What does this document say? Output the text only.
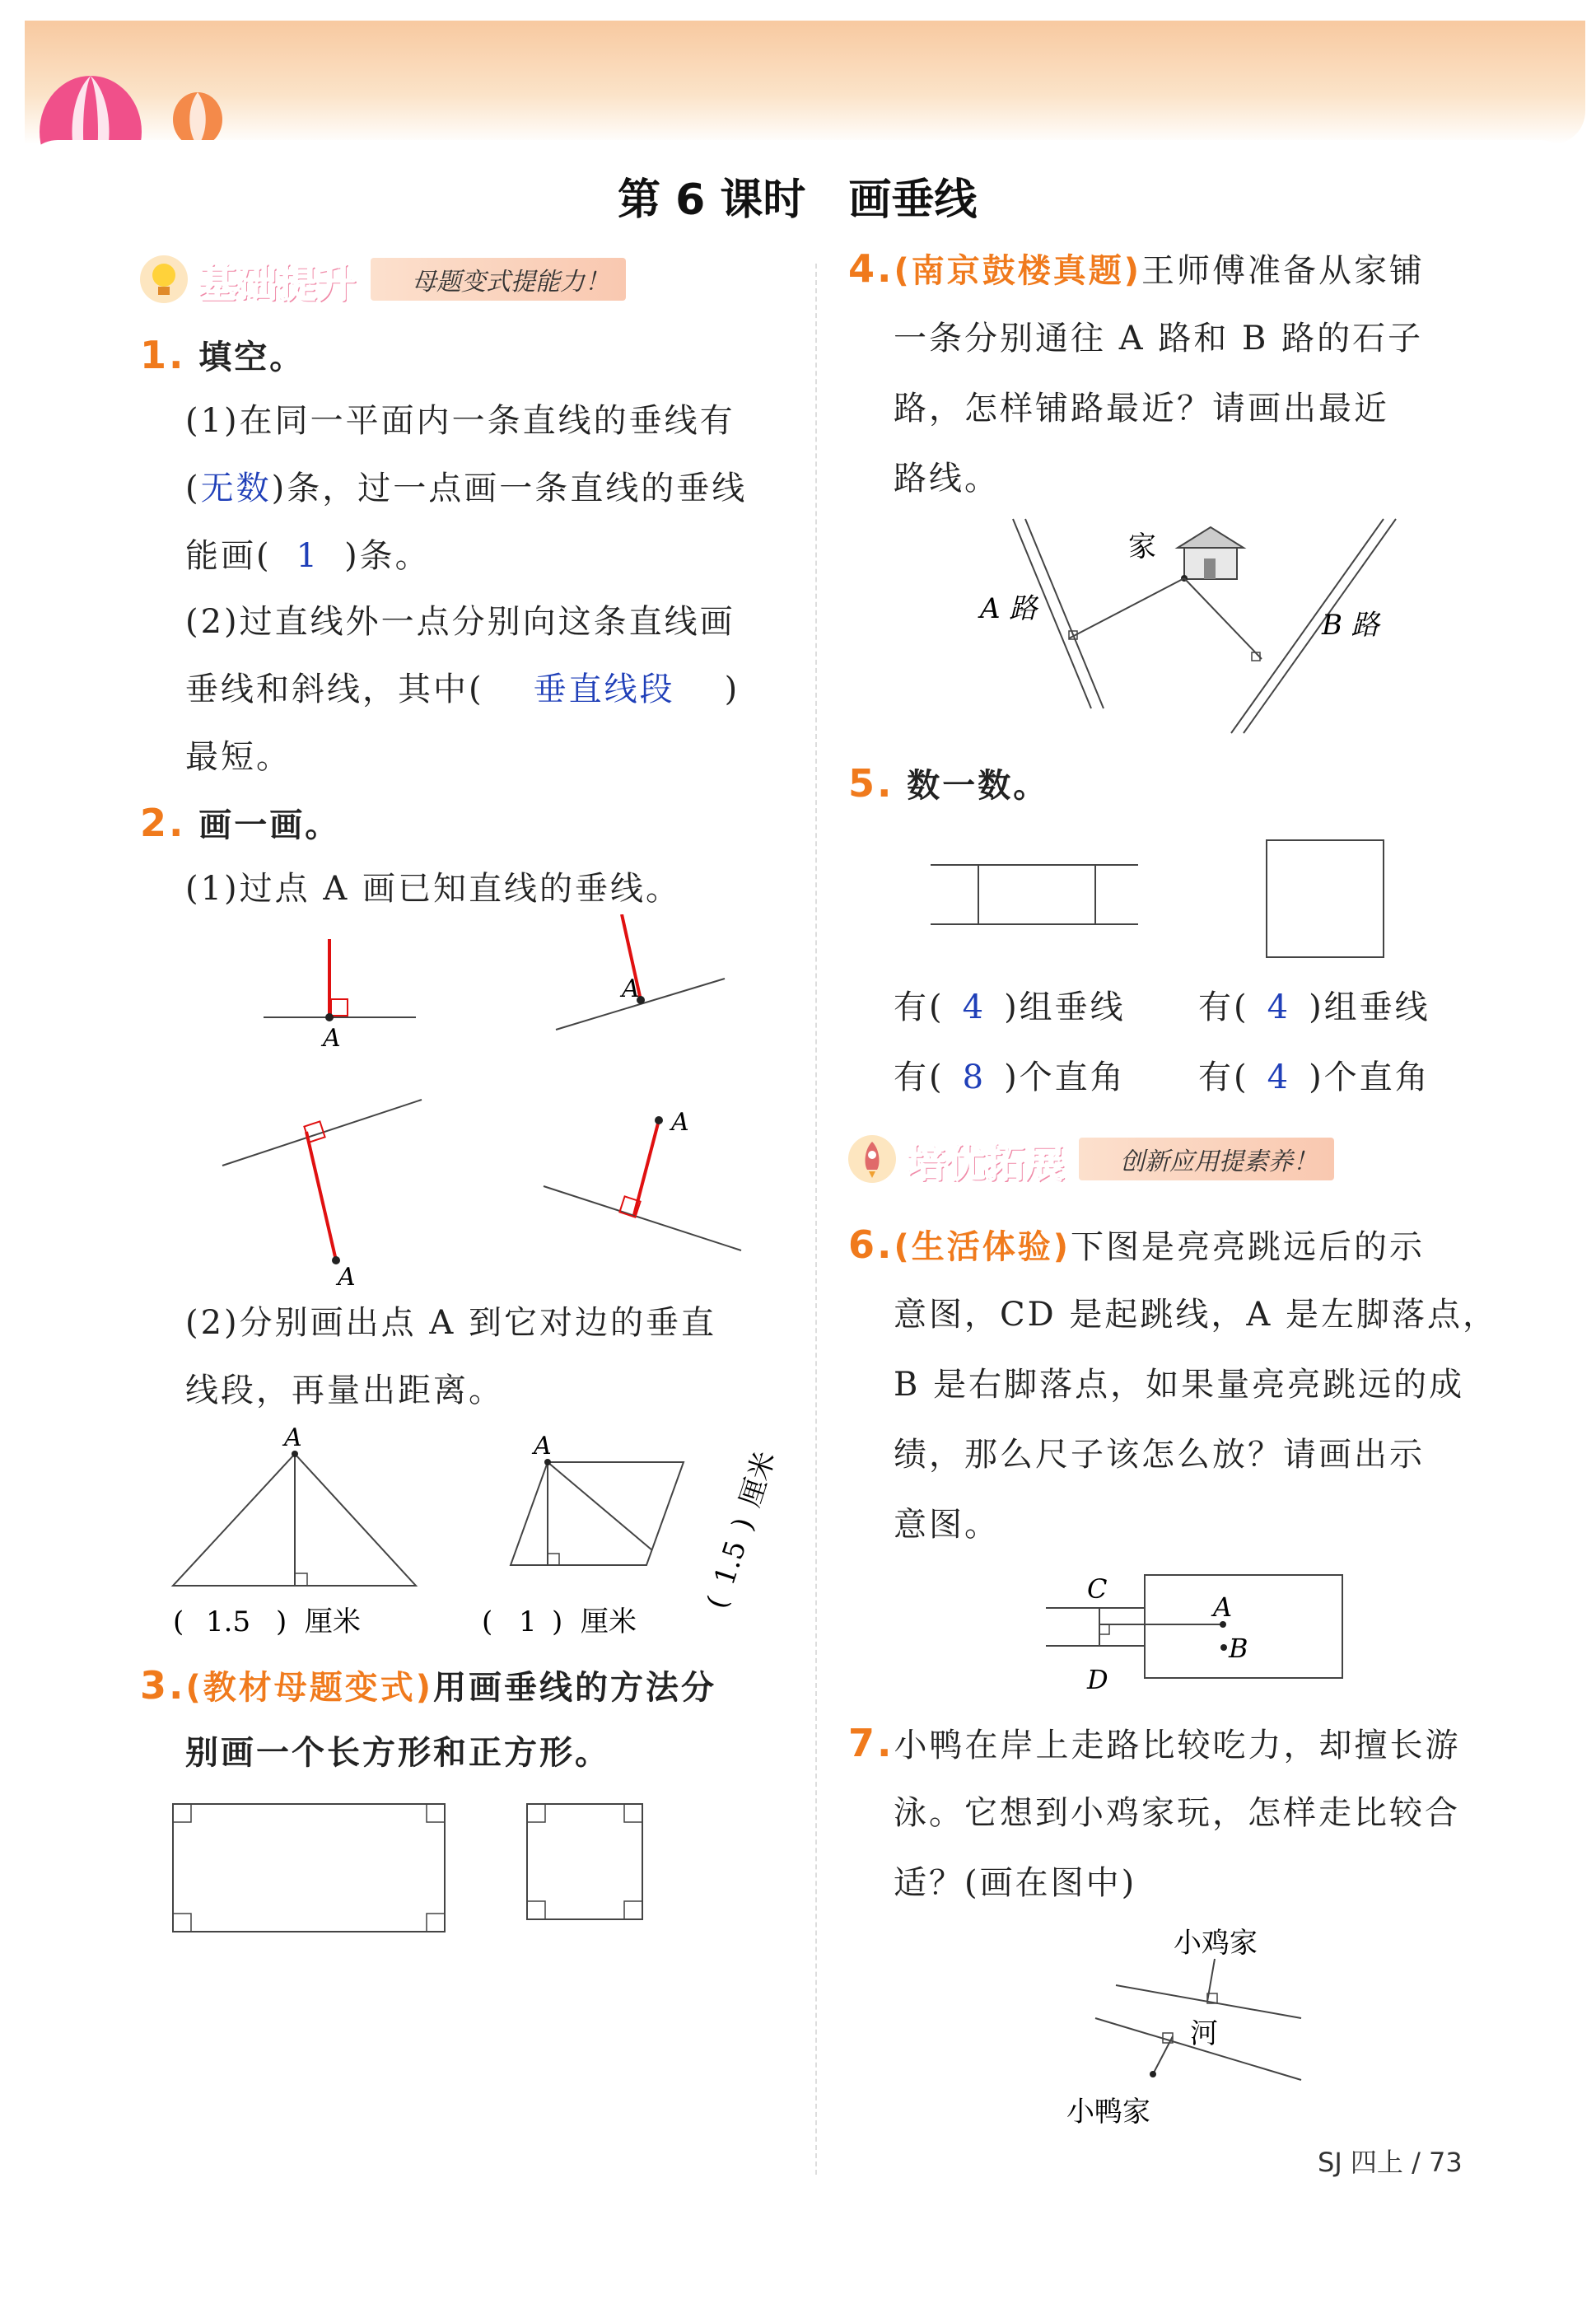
第 6 课时　画垂线
基础提升	母题变式提能力！
1. 填空。
(1)在同一平面内一条直线的垂线有
(无数)条，过一点画一条直线的垂线
能画( 1 )条。
(2)过直线外一点分别向这条直线画
垂线和斜线，其中( 垂直线段 )
最短。
2. 画一画。
(1)过点 A 画已知直线的垂线。
A
A
A
A
(2)分别画出点 A 到它对边的垂直
线段，再量出距离。
A
( 1.5 ) 厘米
A
( 1 ) 厘米
(
1.5
)
厘米
3.(教材母题变式)用画垂线的方法分
别画一个长方形和正方形。
4.(南京鼓楼真题)王师傅准备从家铺
一条分别通往 A 路和 B 路的石子
路，怎样铺路最近？请画出最近
路线。
家
A 路	B 路
5. 数一数。
有( 4 )组垂线 有( 4 )组垂线
有( 8 )个直角 有( 4 )个直角
培优拓展	创新应用提素养！
6.(生活体验)下图是亮亮跳远后的示
意图，CD 是起跳线，A 是左脚落点，
B 是右脚落点，如果量亮亮跳远的成
绩，那么尺子该怎么放？请画出示
意图。
C
D
A
B
7.小鸭在岸上走路比较吃力，却擅长游
泳。它想到小鸡家玩，怎样走比较合
适？(画在图中)
小鸡家
河
小鸭家
SJ 四上 / 73
